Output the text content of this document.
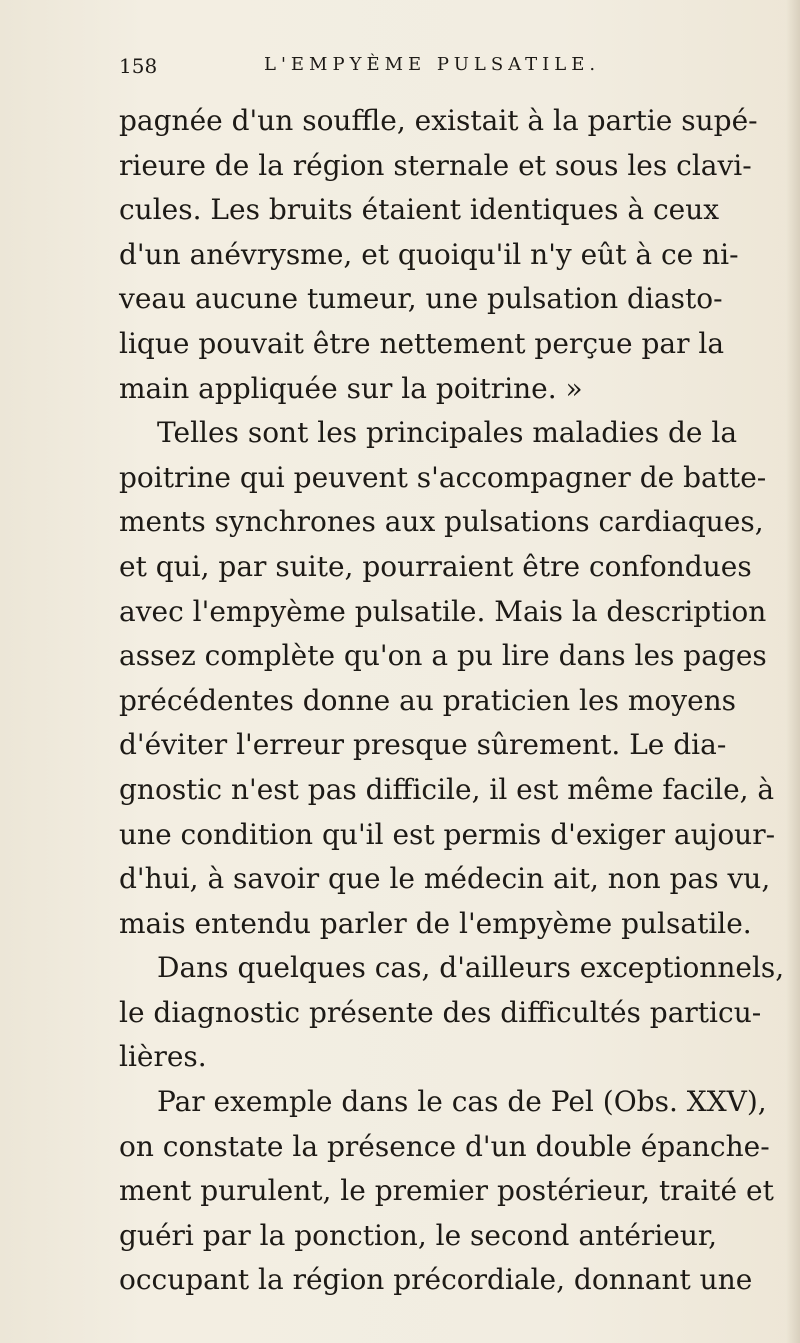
158	L'EMPYÈME PULSATILE.
pagnée d'un souffle, existait à la partie supé-
rieure de la région sternale et sous les clavi-
cules. Les bruits étaient identiques à ceux
d'un anévrysme, et quoiqu'il n'y eût à ce ni-
veau aucune tumeur, une pulsation diasto-
lique pouvait être nettement perçue par la
main appliquée sur la poitrine. »
Telles sont les principales maladies de la
poitrine qui peuvent s'accompagner de batte-
ments synchrones aux pulsations cardiaques,
et qui, par suite, pourraient être confondues
avec l'empyème pulsatile. Mais la description
assez complète qu'on a pu lire dans les pages
précédentes donne au praticien les moyens
d'éviter l'erreur presque sûrement. Le dia-
gnostic n'est pas difficile, il est même facile, à
une condition qu'il est permis d'exiger aujour-
d'hui, à savoir que le médecin ait, non pas vu,
mais entendu parler de l'empyème pulsatile.
Dans quelques cas, d'ailleurs exceptionnels,
le diagnostic présente des difficultés particu-
lières.
Par exemple dans le cas de Pel (Obs. XXV),
on constate la présence d'un double épanche-
ment purulent, le premier postérieur, traité et
guéri par la ponction, le second antérieur,
occupant la région précordiale, donnant une
